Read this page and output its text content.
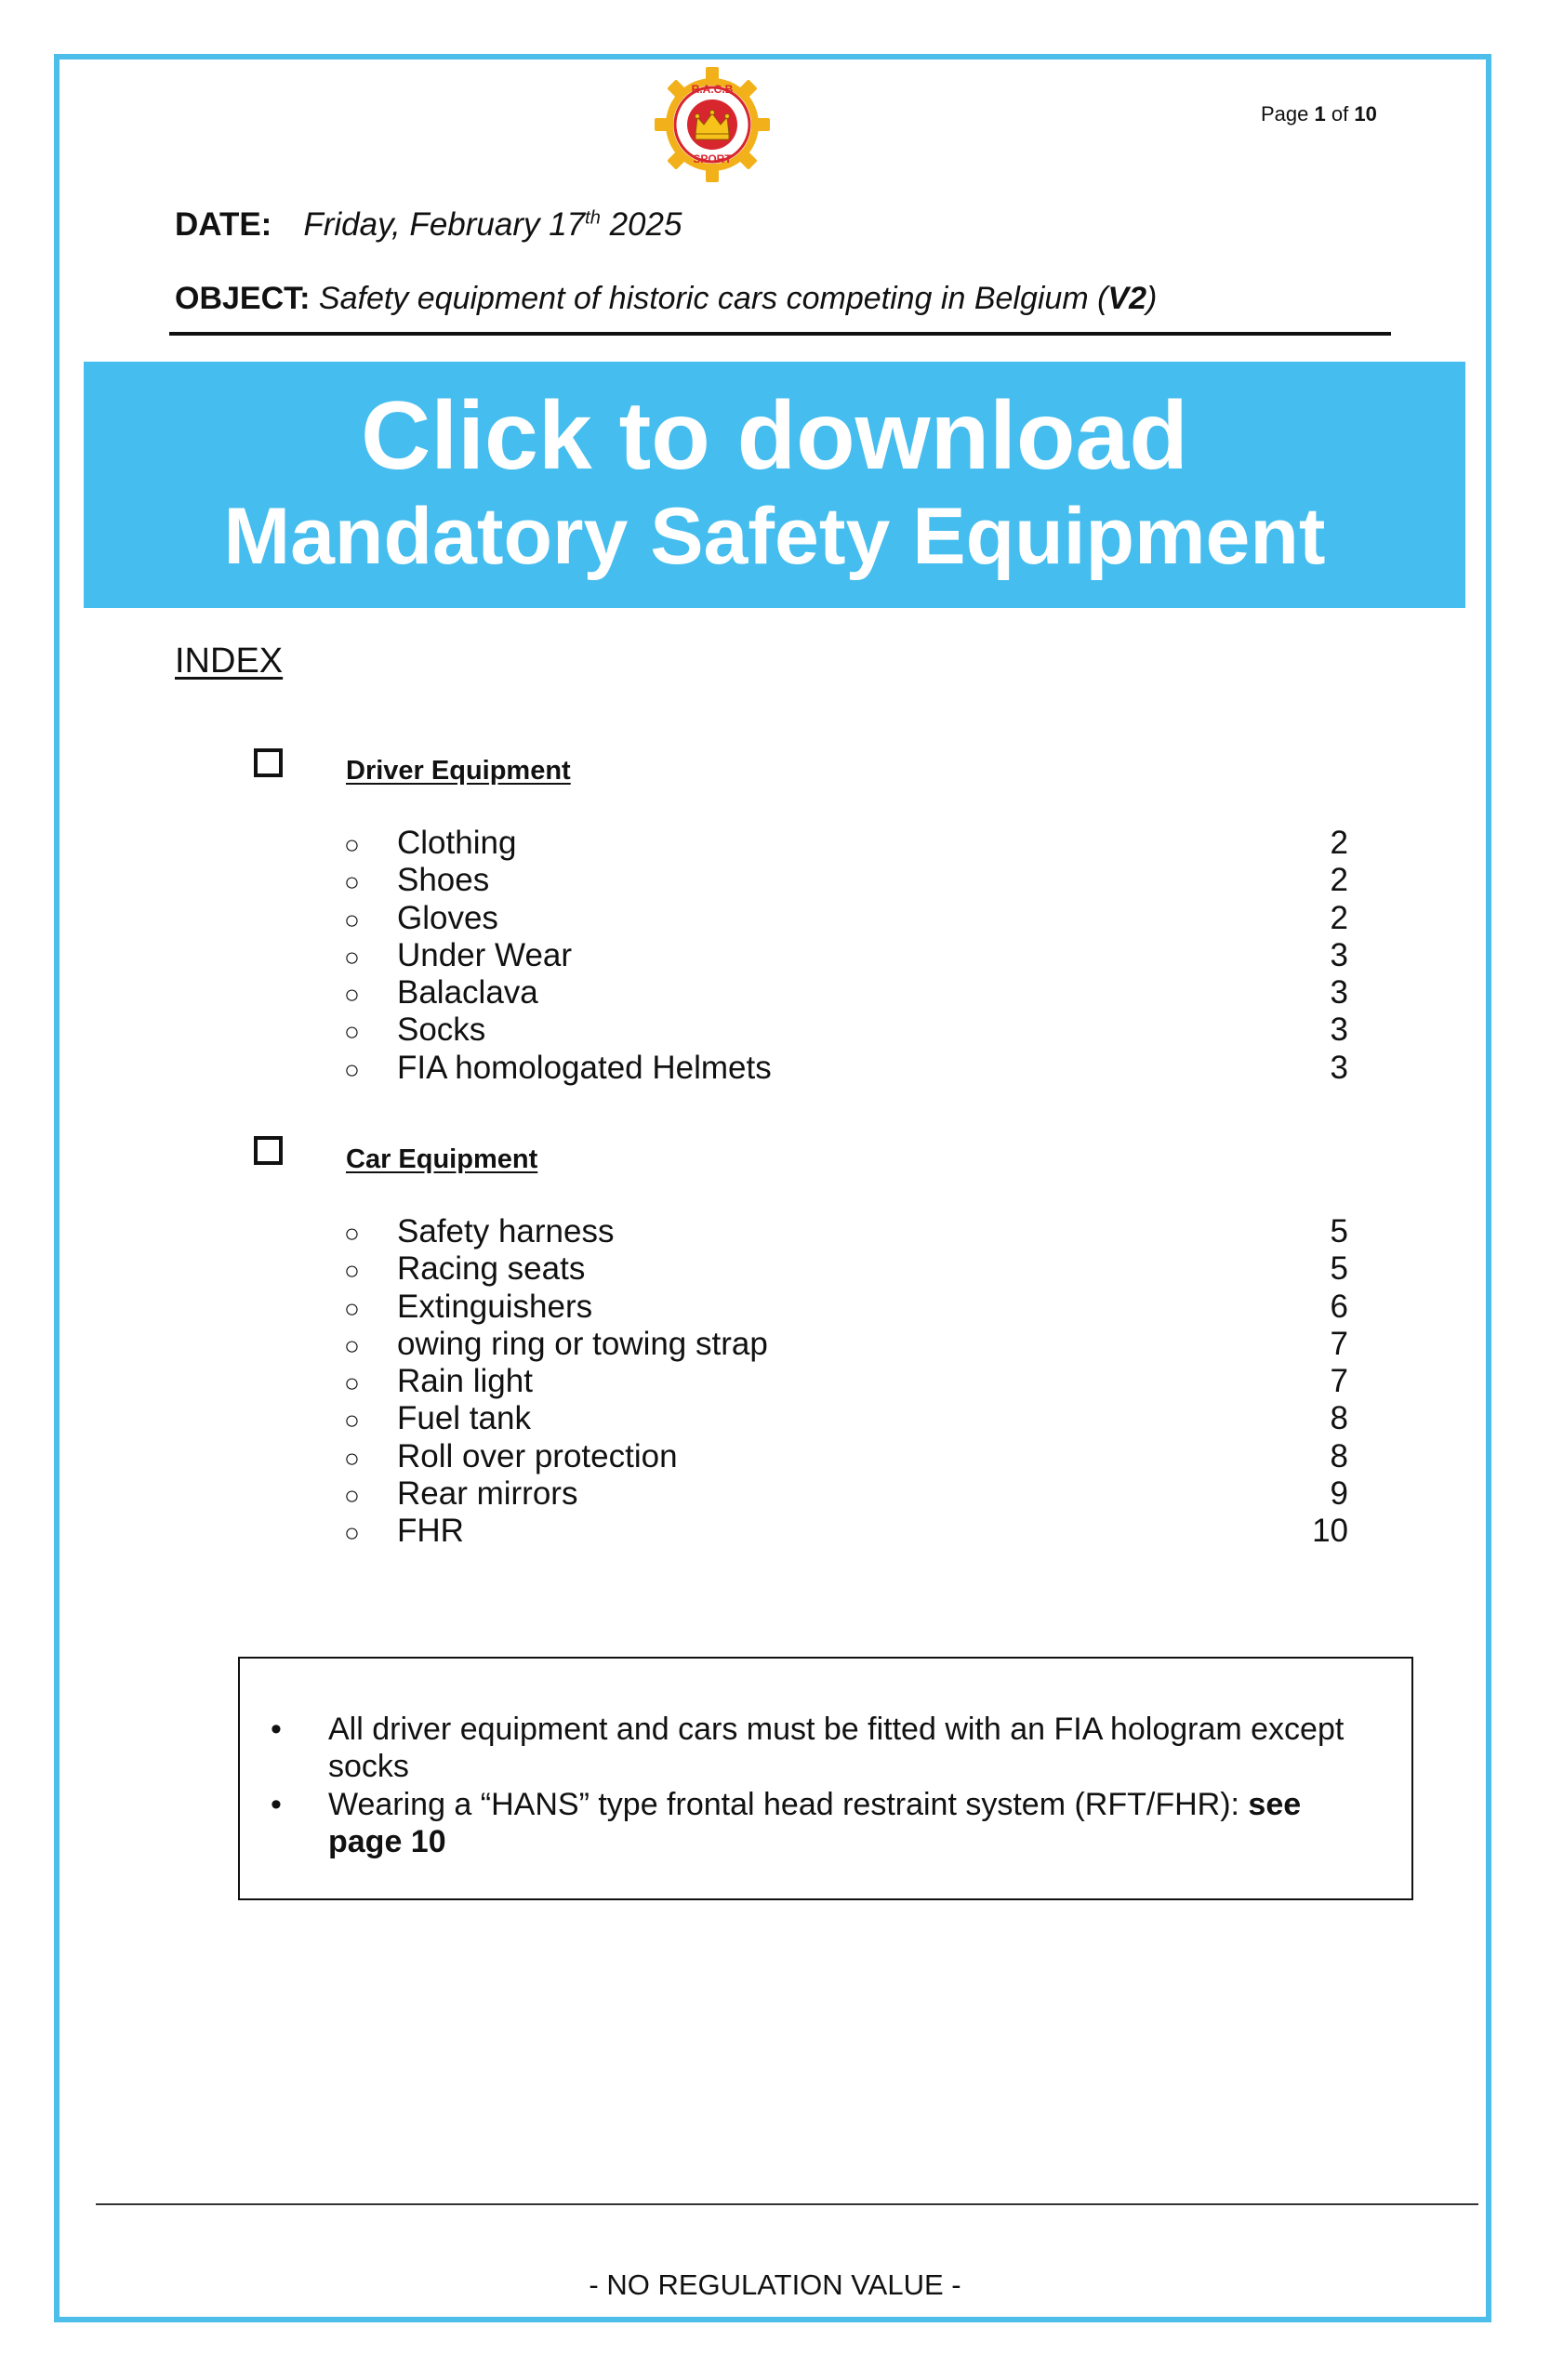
R.A.C.B
SPORT
Page 1 of 10
DATE: Friday, February 17th 2025
OBJECT: Safety equipment of historic cars competing in Belgium (V2)
Click to download
Mandatory Safety Equipment
INDEX
Driver Equipment
○ Clothing	2
○ Shoes	2
○ Gloves	2
○ Under Wear	3
○ Balaclava	3
○ Socks	3
○ FIA homologated Helmets	3
Car Equipment
○ Safety harness	5
○ Racing seats	5
○ Extinguishers	6
○ owing ring or towing strap	7
○ Rain light	7
○ Fuel tank	8
○ Roll over protection	8
○ Rear mirrors	9
○ FHR	10
• All driver equipment and cars must be fitted with an FIA hologram except socks
• Wearing a “HANS” type frontal head restraint system (RFT/FHR): see page 10
- NO REGULATION VALUE -
